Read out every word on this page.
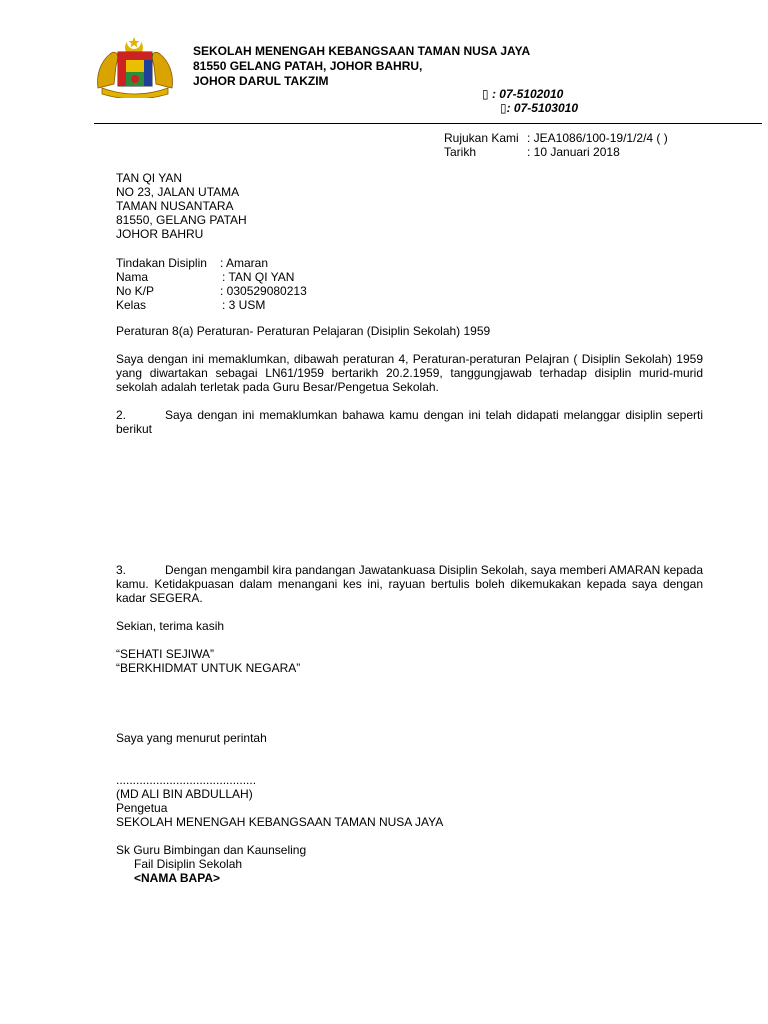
SEKOLAH MENENGAH KEBANGSAAN TAMAN NUSA JAYA
81550 GELANG PATAH, JOHOR BAHRU,
JOHOR DARUL TAKZIM
▯ : 07-5102010
▯: 07-5103010
Rujukan Kami : JEA1086/100-19/1/2/4 ( )
Tarikh	: 10 Januari 2018
TAN QI YAN
NO 23, JALAN UTAMA
TAMAN NUSANTARA
81550, GELANG PATAH
JOHOR BAHRU
Tindakan Disiplin : Amaran
Nama	: TAN QI YAN
No K/P	: 030529080213
Kelas	: 3 USM
Peraturan 8(a) Peraturan- Peraturan Pelajaran (Disiplin Sekolah) 1959
Saya dengan ini memaklumkan, dibawah peraturan 4, Peraturan-peraturan Pelajran ( Disiplin Sekolah) 1959 yang diwartakan sebagai LN61/1959 bertarikh 20.2.1959, tanggungjawab terhadap disiplin murid-murid sekolah adalah terletak pada Guru Besar/Pengetua Sekolah.
2.	Saya dengan ini memaklumkan bahawa kamu dengan ini telah didapati melanggar disiplin seperti berikut
3.	Dengan mengambil kira pandangan Jawatankuasa Disiplin Sekolah, saya memberi AMARAN kepada kamu. Ketidakpuasan dalam menangani kes ini, rayuan bertulis boleh dikemukakan kepada saya dengan kadar SEGERA.
Sekian, terima kasih
“SEHATI SEJIWA”
“BERKHIDMAT UNTUK NEGARA”
Saya yang menurut perintah
..........................................
(MD ALI BIN ABDULLAH)
Pengetua
SEKOLAH MENENGAH KEBANGSAAN TAMAN NUSA JAYA
Sk Guru Bimbingan dan Kaunseling
Fail Disiplin Sekolah
<NAMA BAPA>
